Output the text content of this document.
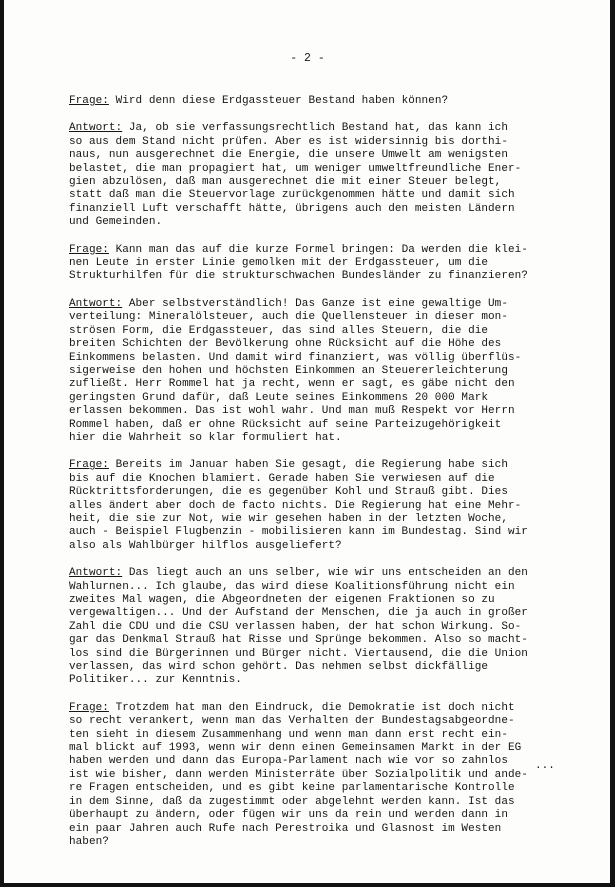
- 2 -
Frage: Wird denn diese Erdgassteuer Bestand haben können?
Antwort: Ja, ob sie verfassungsrechtlich Bestand hat, das kann ich
so aus dem Stand nicht prüfen. Aber es ist widersinnig bis dorthi-
naus, nun ausgerechnet die Energie, die unsere Umwelt am wenigsten
belastet, die man propagiert hat, um weniger umweltfreundliche Ener-
gien abzulösen, daß man ausgerechnet die mit einer Steuer belegt,
statt daß man die Steuervorlage zurückgenommen hätte und damit sich
finanziell Luft verschafft hätte, übrigens auch den meisten Ländern
und Gemeinden.
Frage: Kann man das auf die kurze Formel bringen: Da werden die klei-
nen Leute in erster Linie gemolken mit der Erdgassteuer, um die
Strukturhilfen für die strukturschwachen Bundesländer zu finanzieren?
Antwort: Aber selbstverständlich! Das Ganze ist eine gewaltige Um-
verteilung: Mineralölsteuer, auch die Quellensteuer in dieser mon-
strösen Form, die Erdgassteuer, das sind alles Steuern, die die
breiten Schichten der Bevölkerung ohne Rücksicht auf die Höhe des
Einkommens belasten. Und damit wird finanziert, was völlig überflüs-
sigerweise den hohen und höchsten Einkommen an Steuererleichterung
zufließt. Herr Rommel hat ja recht, wenn er sagt, es gäbe nicht den
geringsten Grund dafür, daß Leute seines Einkommens 20 000 Mark
erlassen bekommen. Das ist wohl wahr. Und man muß Respekt vor Herrn
Rommel haben, daß er ohne Rücksicht auf seine Parteizugehörigkeit
hier die Wahrheit so klar formuliert hat.
Frage: Bereits im Januar haben Sie gesagt, die Regierung habe sich
bis auf die Knochen blamiert. Gerade haben Sie verwiesen auf die
Rücktrittsforderungen, die es gegenüber Kohl und Strauß gibt. Dies
alles ändert aber doch de facto nichts. Die Regierung hat eine Mehr-
heit, die sie zur Not, wie wir gesehen haben in der letzten Woche,
auch - Beispiel Flugbenzin - mobilisieren kann im Bundestag. Sind wir
also als Wahlbürger hilflos ausgeliefert?
Antwort: Das liegt auch an uns selber, wie wir uns entscheiden an den
Wahlurnen... Ich glaube, das wird diese Koalitionsführung nicht ein
zweites Mal wagen, die Abgeordneten der eigenen Fraktionen so zu
vergewaltigen... Und der Aufstand der Menschen, die ja auch in großer
Zahl die CDU und die CSU verlassen haben, der hat schon Wirkung. So-
gar das Denkmal Strauß hat Risse und Sprünge bekommen. Also so macht-
los sind die Bürgerinnen und Bürger nicht. Viertausend, die die Union
verlassen, das wird schon gehört. Das nehmen selbst dickfällige
Politiker... zur Kenntnis.
Frage: Trotzdem hat man den Eindruck, die Demokratie ist doch nicht
so recht verankert, wenn man das Verhalten der Bundestagsabgeordne-
ten sieht in diesem Zusammenhang und wenn man dann erst recht ein-
mal blickt auf 1993, wenn wir denn einen Gemeinsamen Markt in der EG
haben werden und dann das Europa-Parlament nach wie vor so zahnlos
ist wie bisher, dann werden Ministerräte über Sozialpolitik und ande-
re Fragen entscheiden, und es gibt keine parlamentarische Kontrolle
in dem Sinne, daß da zugestimmt oder abgelehnt werden kann. Ist das
überhaupt zu ändern, oder fügen wir uns da rein und werden dann in
ein paar Jahren auch Rufe nach Perestroika und Glasnost im Westen
haben?
...
